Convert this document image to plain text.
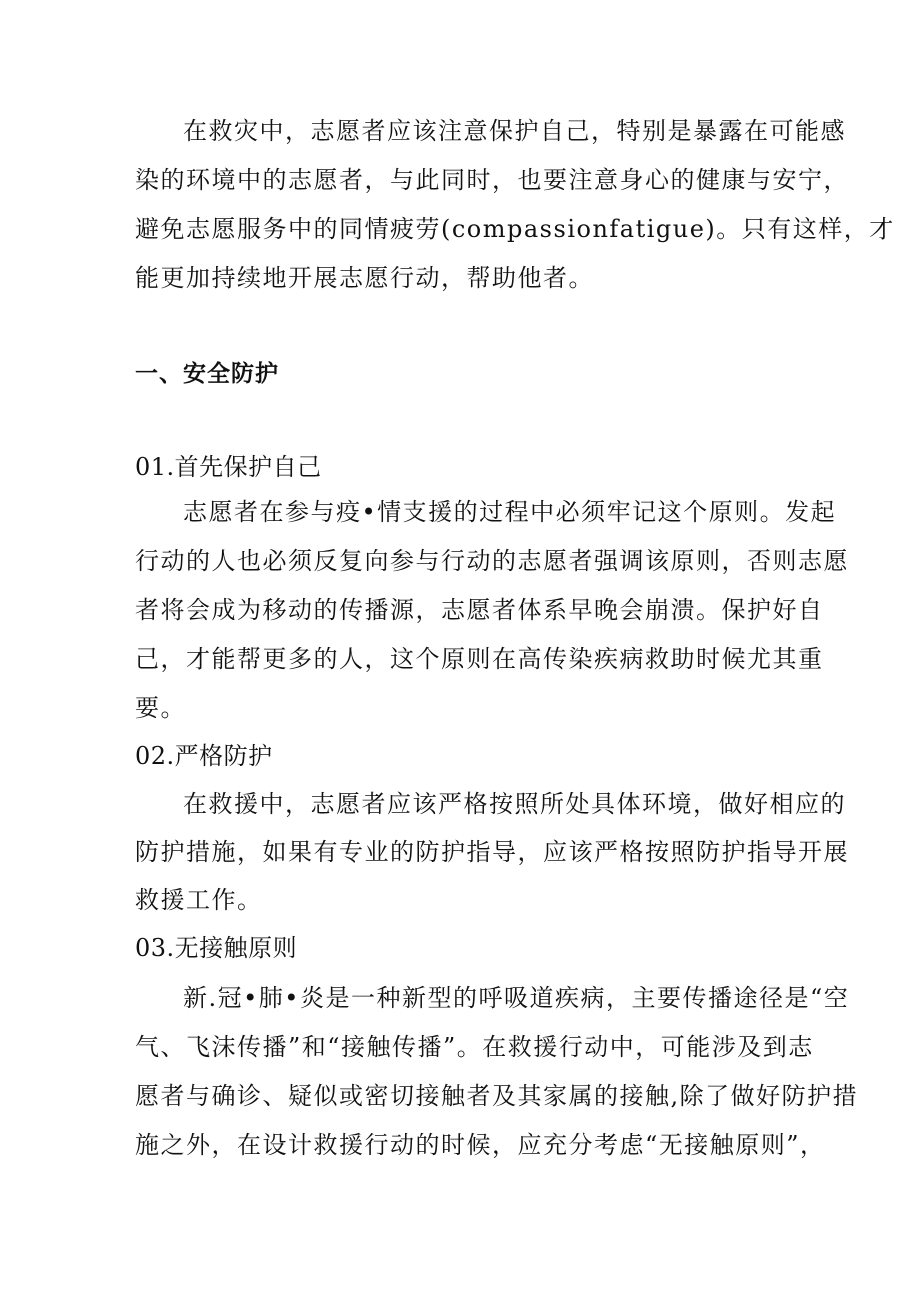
在救灾中，志愿者应该注意保护自己，特别是暴露在可能感
染的环境中的志愿者，与此同时，也要注意身心的健康与安宁，
避免志愿服务中的同情疲劳(compassionfatigue)。只有这样，才
能更加持续地开展志愿行动，帮助他者。
一、安全防护
01.首先保护自己
志愿者在参与疫•情支援的过程中必须牢记这个原则。发起
行动的人也必须反复向参与行动的志愿者强调该原则，否则志愿
者将会成为移动的传播源，志愿者体系早晚会崩溃。保护好自
己，才能帮更多的人，这个原则在高传染疾病救助时候尤其重
要。
02.严格防护
在救援中，志愿者应该严格按照所处具体环境，做好相应的
防护措施，如果有专业的防护指导，应该严格按照防护指导开展
救援工作。
03.无接触原则
新.冠•肺•炎是一种新型的呼吸道疾病，主要传播途径是“空
气、飞沫传播”和“接触传播”。在救援行动中，可能涉及到志
愿者与确诊、疑似或密切接触者及其家属的接触,除了做好防护措
施之外，在设计救援行动的时候，应充分考虑“无接触原则”，
